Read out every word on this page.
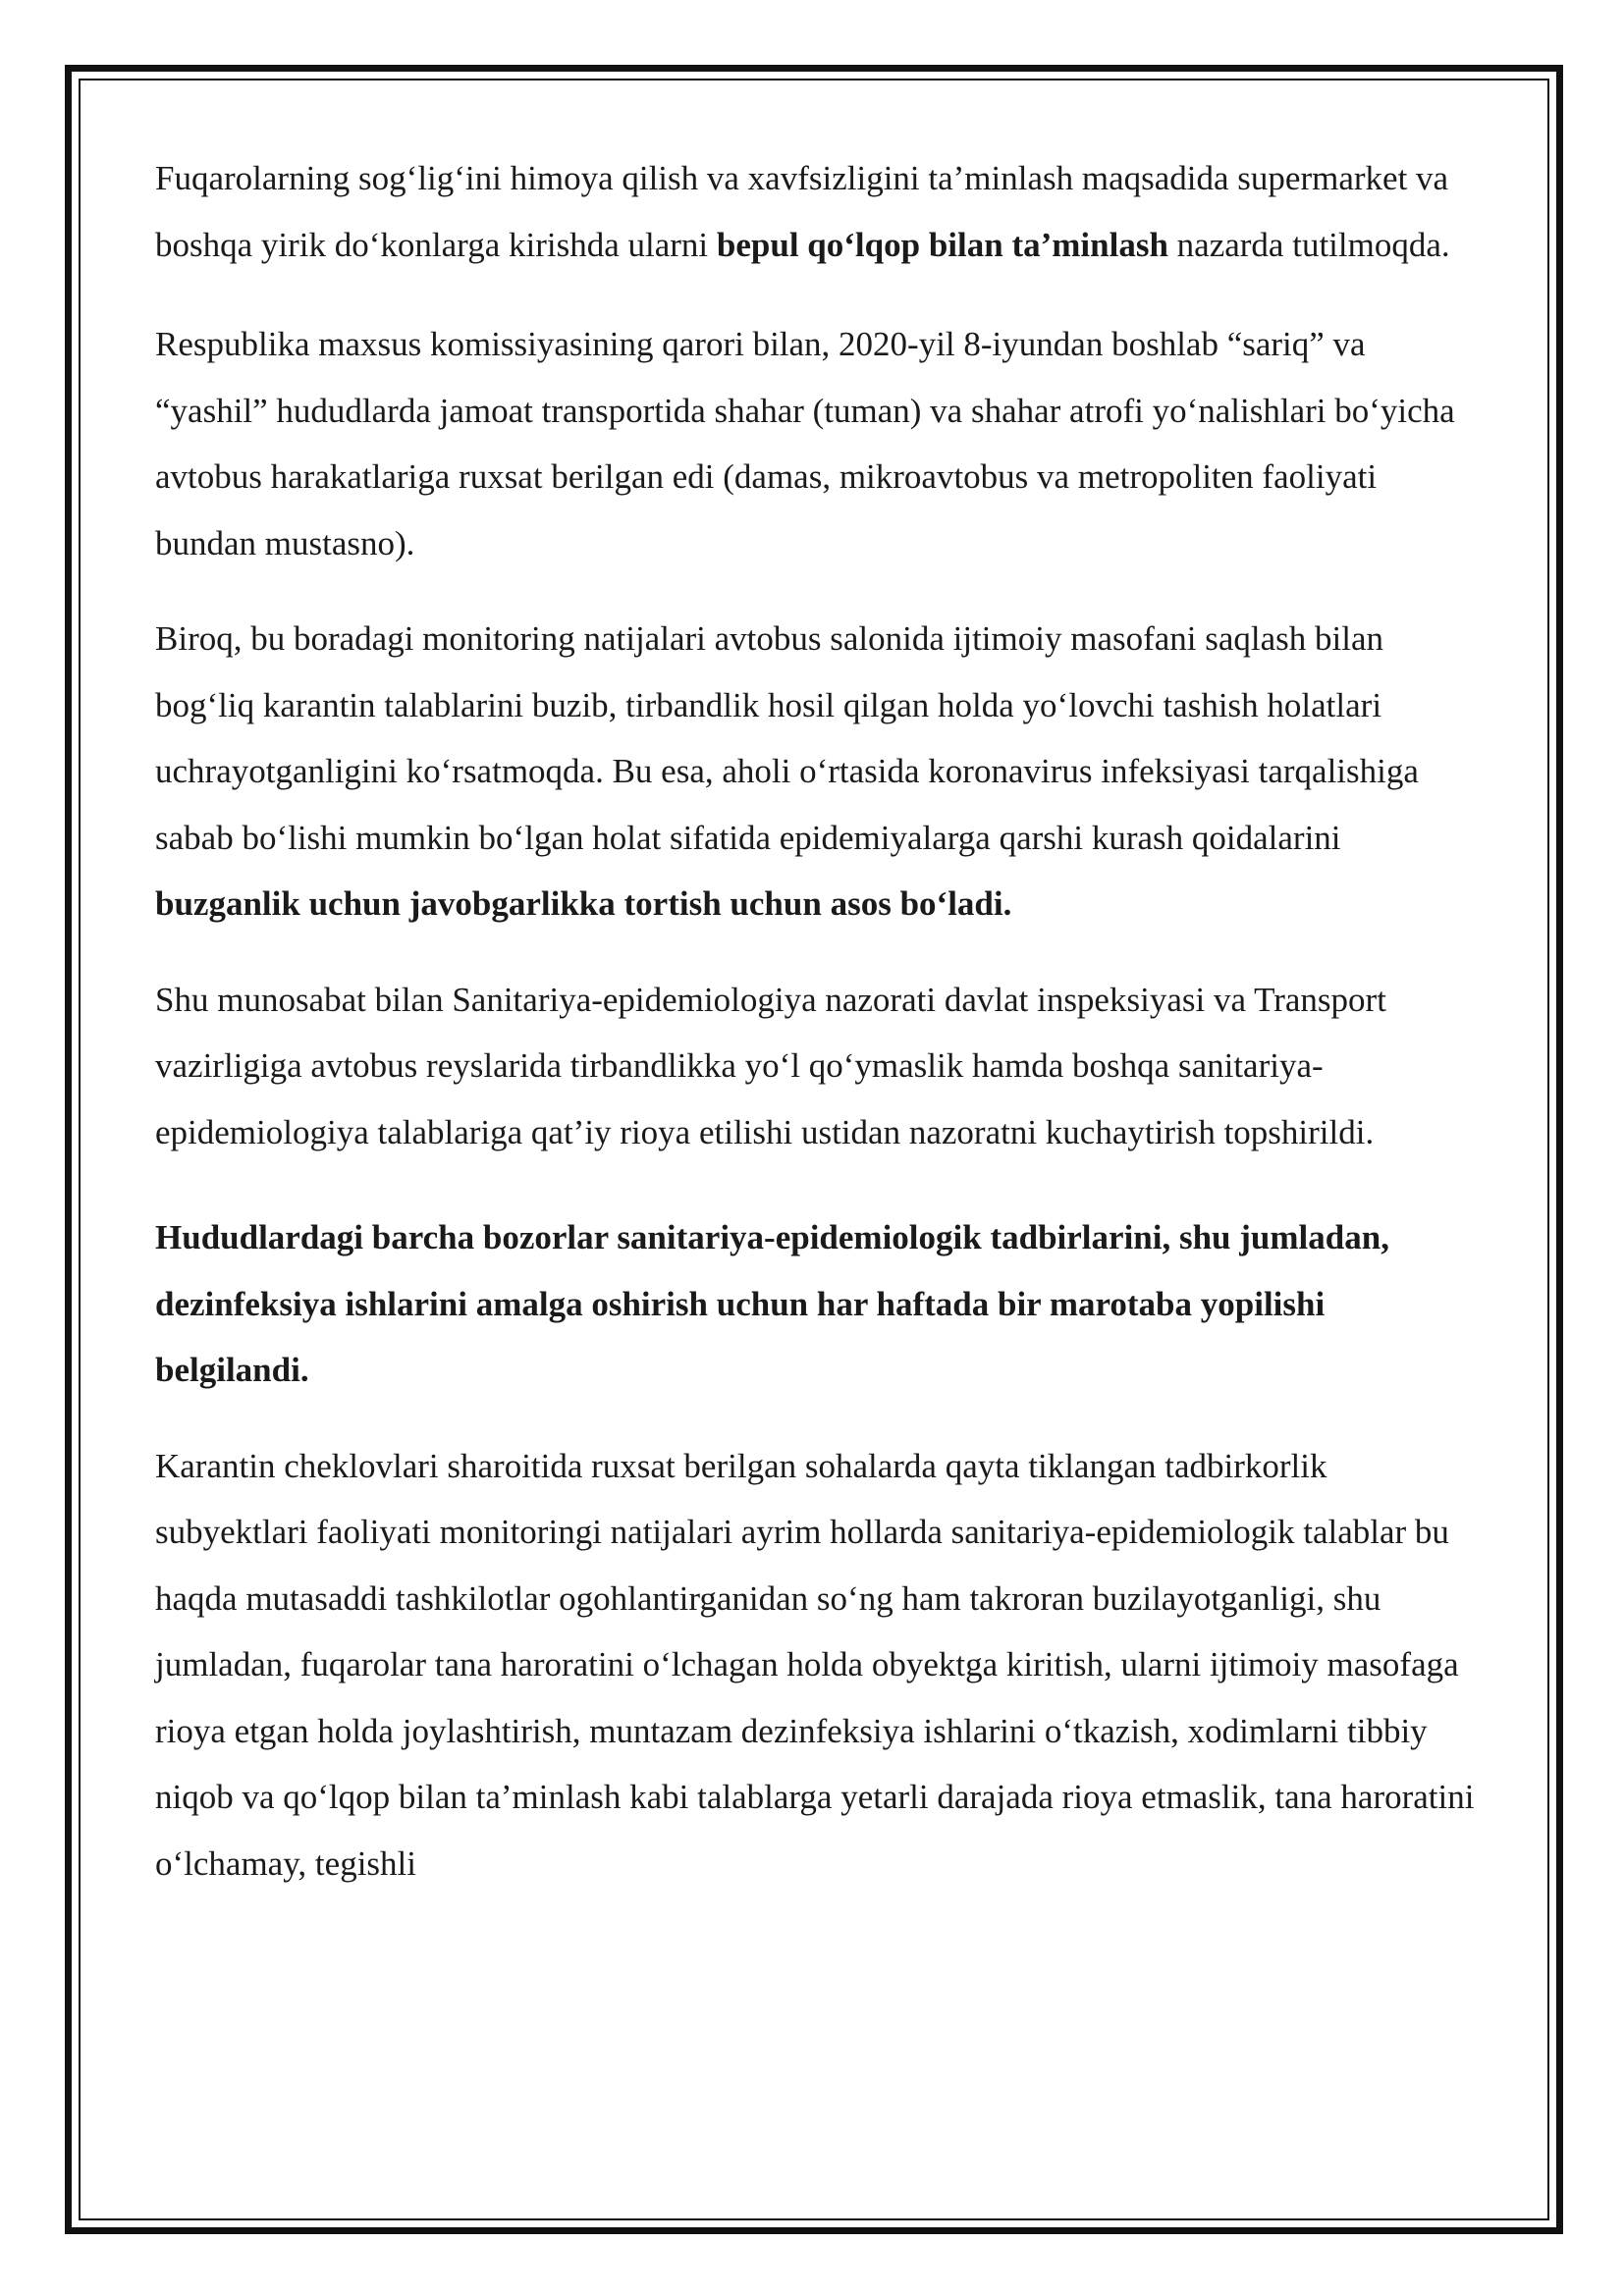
Fuqarolarning sog‘lig‘ini himoya qilish va xavfsizligini ta’minlash maqsadida supermarket va boshqa yirik do‘konlarga kirishda ularni bepul qo‘lqop bilan ta’minlash nazarda tutilmoqda.

Respublika maxsus komissiyasining qarori bilan, 2020-yil 8-iyundan boshlab “sariq” va “yashil” hududlarda jamoat transportida shahar (tuman) va shahar atrofi yo‘nalishlari bo‘yicha avtobus harakatlariga ruxsat berilgan edi (damas, mikroavtobus va metropoliten faoliyati bundan mustasno).

Biroq, bu boradagi monitoring natijalari avtobus salonida ijtimoiy masofani saqlash bilan bog‘liq karantin talablarini buzib, tirbandlik hosil qilgan holda yo‘lovchi tashish holatlari uchrayotganligini ko‘rsatmoqda. Bu esa, aholi o‘rtasida koronavirus infeksiyasi tarqalishiga sabab bo‘lishi mumkin bo‘lgan holat sifatida epidemiyalarga qarshi kurash qoidalarini buzganlik uchun javobgarlikka tortish uchun asos bo‘ladi.

Shu munosabat bilan Sanitariya-epidemiologiya nazorati davlat inspeksiyasi va Transport vazirligiga avtobus reyslarida tirbandlikka yo‘l qo‘ymaslik hamda boshqa sanitariya-epidemiologiya talablariga qat’iy rioya etilishi ustidan nazoratni kuchaytirish topshirildi.

Hududlardagi barcha bozorlar sanitariya-epidemiologik tadbirlarini, shu jumladan, dezinfeksiya ishlarini amalga oshirish uchun har haftada bir marotaba yopilishi belgilandi.

Karantin cheklovlari sharoitida ruxsat berilgan sohalarda qayta tiklangan tadbirkorlik subyektlari faoliyati monitoringi natijalari ayrim hollarda sanitariya-epidemiologik talablar bu haqda mutasaddi tashkilotlar ogohlantirganidan so‘ng ham takroran buzilayotganligi, shu jumladan, fuqarolar tana haroratini o‘lchagan holda obyektga kiritish, ularni ijtimoiy masofaga rioya etgan holda joylashtirish, muntazam dezinfeksiya ishlarini o‘tkazish, xodimlarni tibbiy niqob va qo‘lqop bilan ta’minlash kabi talablarga yetarli darajada rioya etmaslik, tana haroratini o‘lchamay, tegishli
